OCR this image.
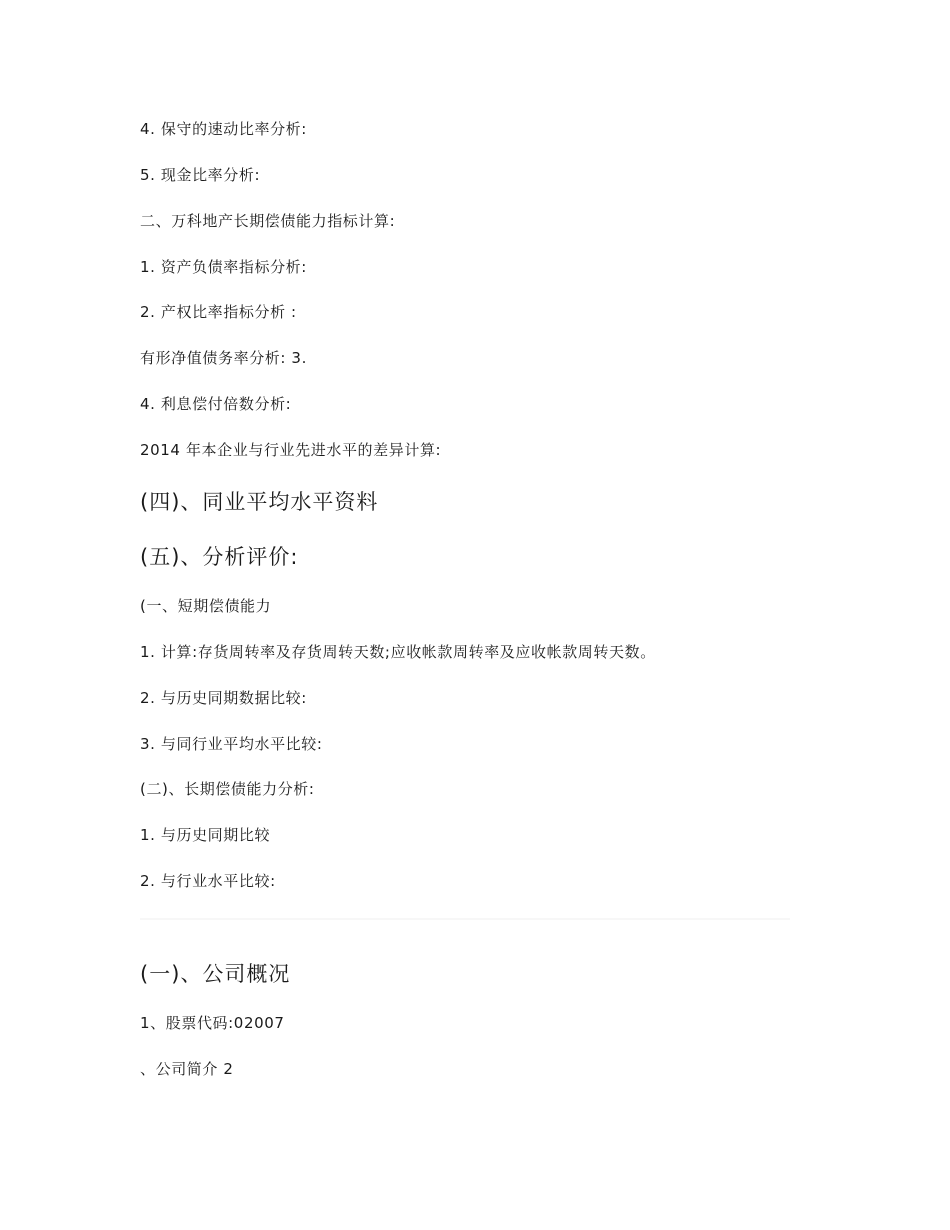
4. 保守的速动比率分析:
5. 现金比率分析:
二、万科地产长期偿债能力指标计算:
1. 资产负债率指标分析:
2. 产权比率指标分析 :
有形净值债务率分析: 3.
4. 利息偿付倍数分析:
2014 年本企业与行业先进水平的差异计算:
(四)、同业平均水平资料
(五)、分析评价:
(一、短期偿债能力
1. 计算:存货周转率及存货周转天数;应收帐款周转率及应收帐款周转天数。
2. 与历史同期数据比较:
3. 与同行业平均水平比较:
(二)、长期偿债能力分析:
1. 与历史同期比较
2. 与行业水平比较:
(一)、公司概况
1、股票代码:02007
、公司简介 2
